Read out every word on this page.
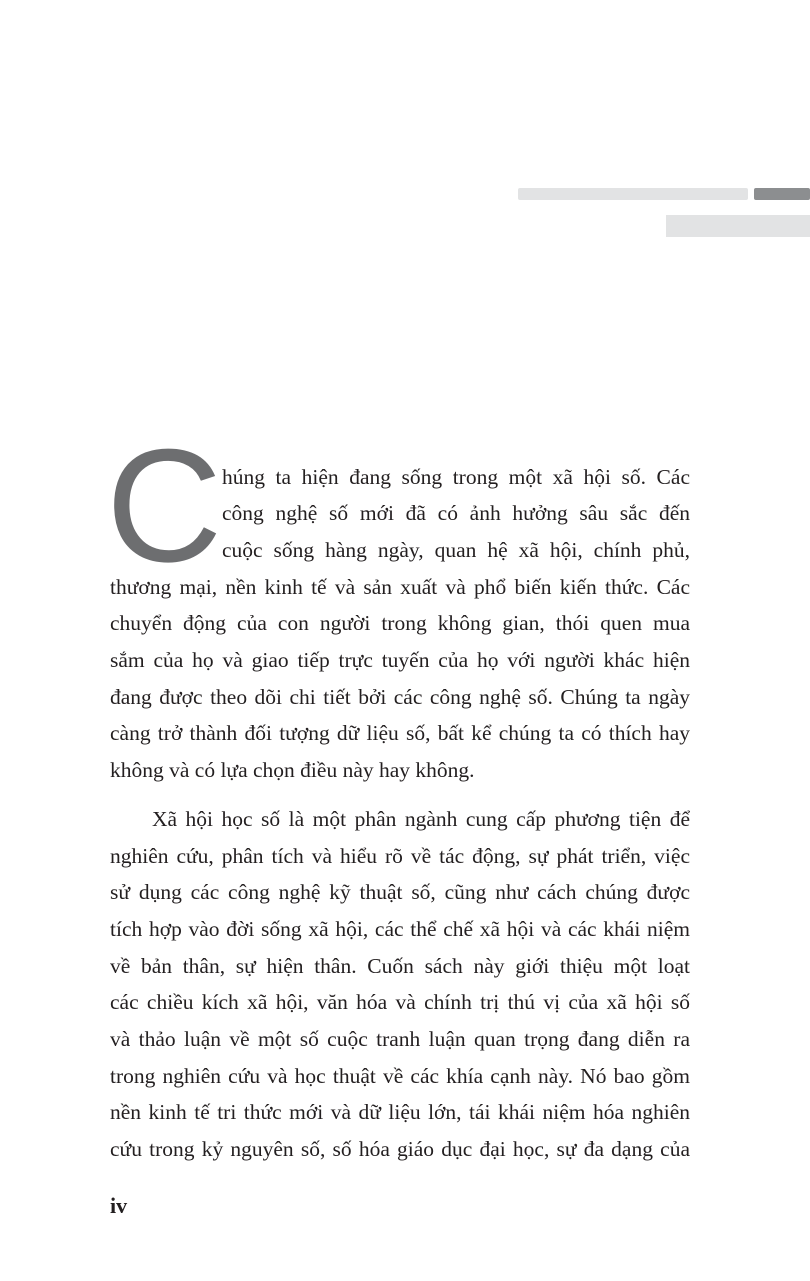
C húng ta hiện đang sống trong một xã hội số. Các
công nghệ số mới đã có ảnh hưởng sâu sắc đến
cuộc sống hàng ngày, quan hệ xã hội, chính phủ,
thương mại, nền kinh tế và sản xuất và phổ biến kiến thức. Các
chuyển động của con người trong không gian, thói quen mua
sắm của họ và giao tiếp trực tuyến của họ với người khác hiện
đang được theo dõi chi tiết bởi các công nghệ số. Chúng ta ngày
càng trở thành đối tượng dữ liệu số, bất kể chúng ta có thích hay
không và có lựa chọn điều này hay không.
Xã hội học số là một phân ngành cung cấp phương tiện để
nghiên cứu, phân tích và hiểu rõ về tác động, sự phát triển, việc
sử dụng các công nghệ kỹ thuật số, cũng như cách chúng được
tích hợp vào đời sống xã hội, các thể chế xã hội và các khái niệm
về bản thân, sự hiện thân. Cuốn sách này giới thiệu một loạt
các chiều kích xã hội, văn hóa và chính trị thú vị của xã hội số
và thảo luận về một số cuộc tranh luận quan trọng đang diễn ra
trong nghiên cứu và học thuật về các khía cạnh này. Nó bao gồm
nền kinh tế tri thức mới và dữ liệu lớn, tái khái niệm hóa nghiên
cứu trong kỷ nguyên số, số hóa giáo dục đại học, sự đa dạng của
iv
